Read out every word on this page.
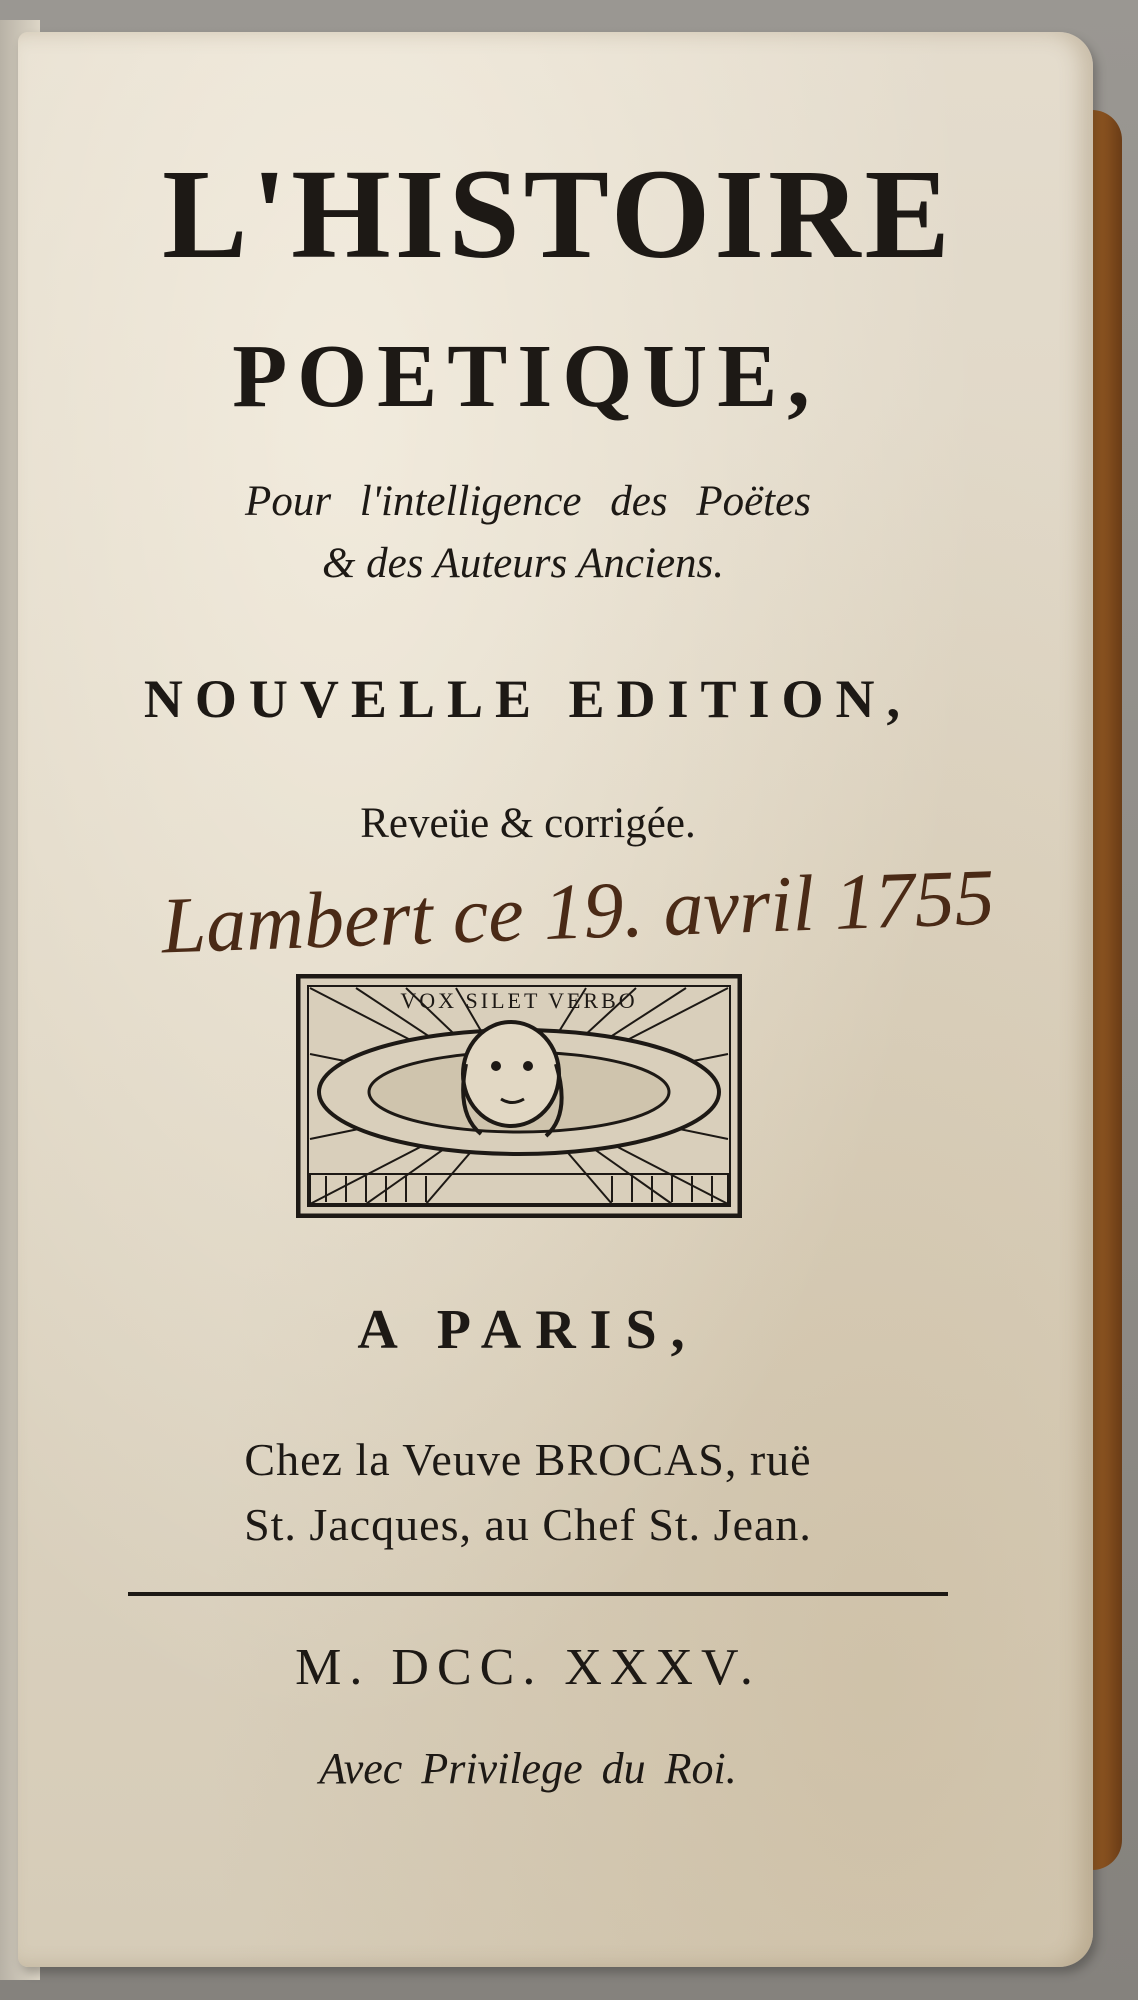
L'HISTOIRE
POETIQUE,
Pour l'intelligence des Poëtes
& des Auteurs Anciens.
NOUVELLE EDITION,
Reveüe & corrigée.
Lambert ce 19. avril 1755
VOX SILET VERBO
A PARIS,
Chez la Veuve BROCAS, ruë
St. Jacques, au Chef St. Jean.
M. DCC. XXXV.
Avec Privilege du Roi.
